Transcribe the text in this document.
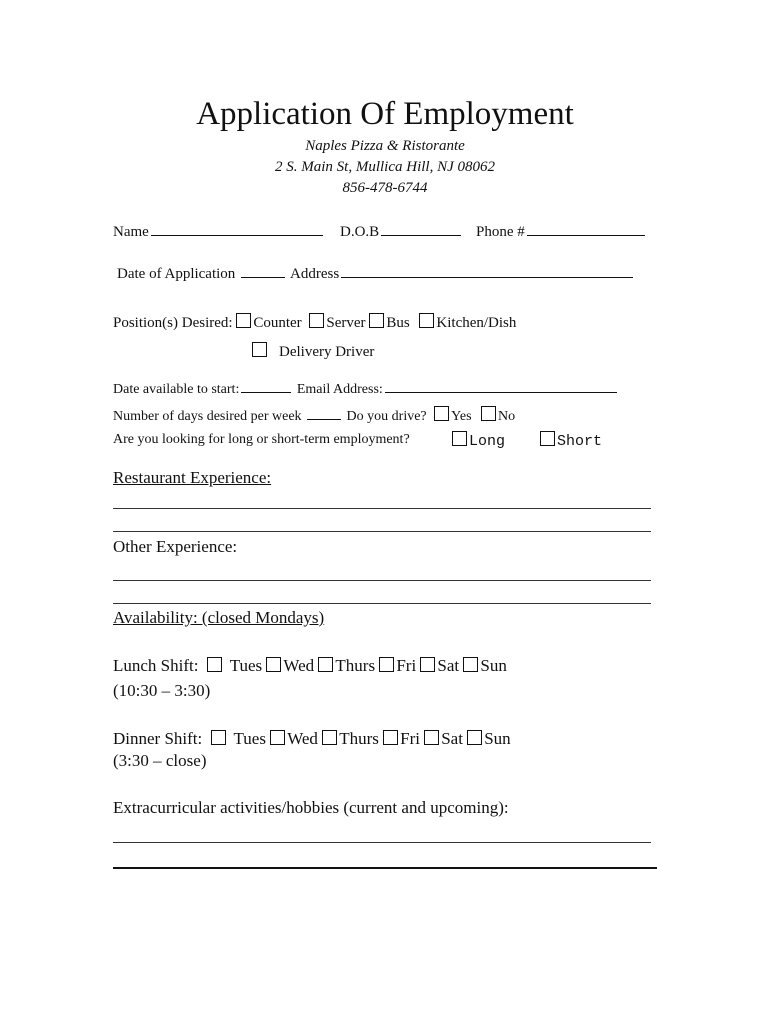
Application Of Employment
Naples Pizza & Ristorante
2 S. Main St, Mullica Hill, NJ 08062
856-478-6744
Name	D.O.B	Phone #
Date of Application	Address
Position(s) Desired: Counter Server Bus Kitchen/Dish
Delivery Driver
Date available to start:	Email Address:
Number of days desired per week	Do you drive? Yes No
Are you looking for long or short-term employment?	Long	Short
Restaurant Experience:
Other Experience:
Availability: (closed Mondays)
Lunch Shift: Tues Wed Thurs Fri Sat Sun
(10:30 – 3:30)
Dinner Shift: Tues Wed Thurs Fri Sat Sun
(3:30 – close)
Extracurricular activities/hobbies (current and upcoming):
